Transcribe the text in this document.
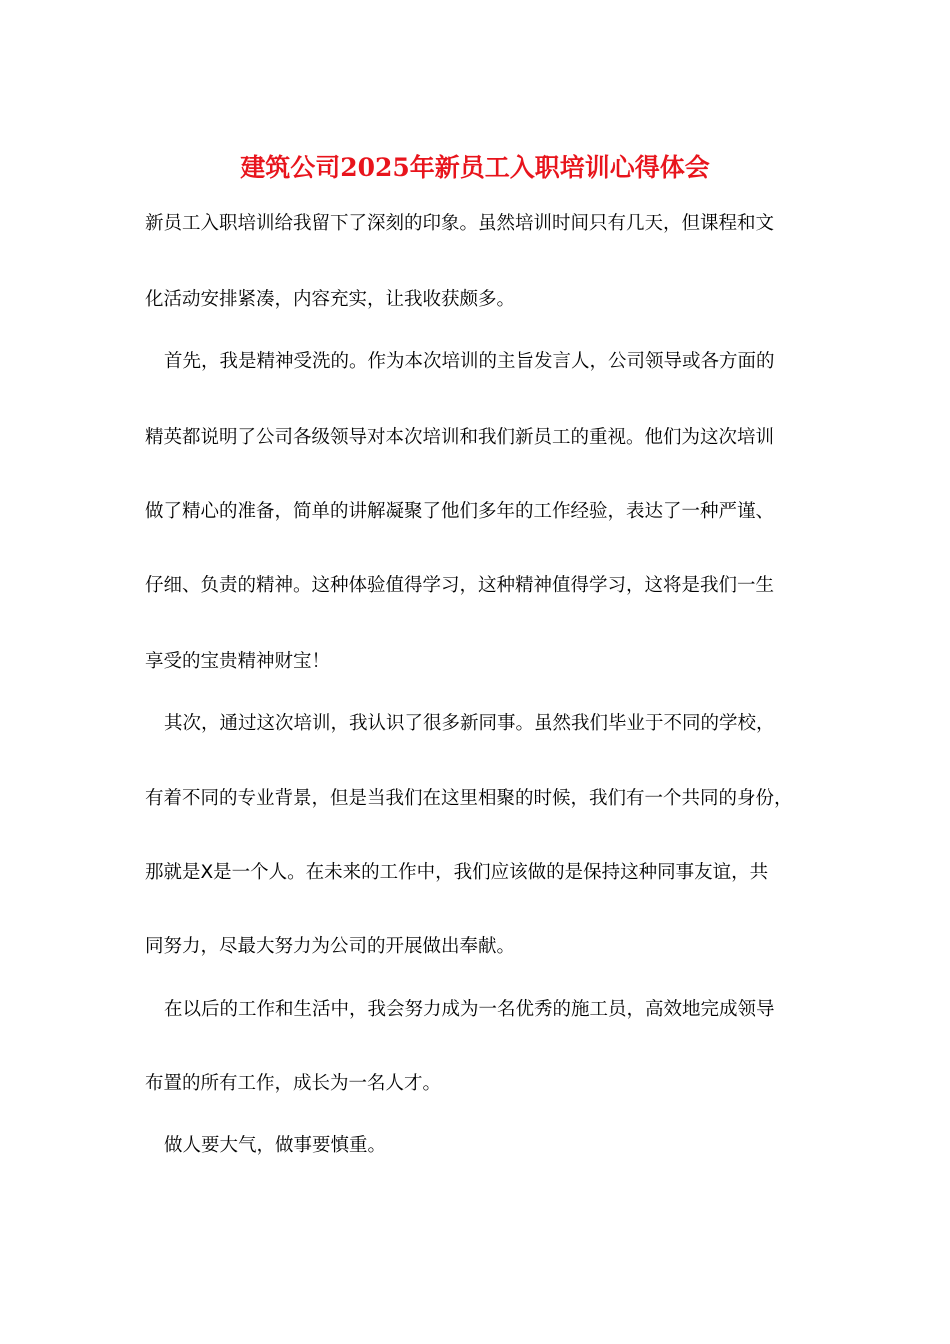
建筑公司2025年新员工入职培训心得体会
新员工入职培训给我留下了深刻的印象。虽然培训时间只有几天，但课程和文
化活动安排紧凑，内容充实，让我收获颇多。
首先，我是精神受洗的。作为本次培训的主旨发言人，公司领导或各方面的
精英都说明了公司各级领导对本次培训和我们新员工的重视。他们为这次培训
做了精心的准备，简单的讲解凝聚了他们多年的工作经验，表达了一种严谨、
仔细、负责的精神。这种体验值得学习，这种精神值得学习，这将是我们一生
享受的宝贵精神财宝！
其次，通过这次培训，我认识了很多新同事。虽然我们毕业于不同的学校，
有着不同的专业背景，但是当我们在这里相聚的时候，我们有一个共同的身份，
那就是X是一个人。在未来的工作中，我们应该做的是保持这种同事友谊，共
同努力，尽最大努力为公司的开展做出奉献。
在以后的工作和生活中，我会努力成为一名优秀的施工员，高效地完成领导
布置的所有工作，成长为一名人才。
做人要大气，做事要慎重。
